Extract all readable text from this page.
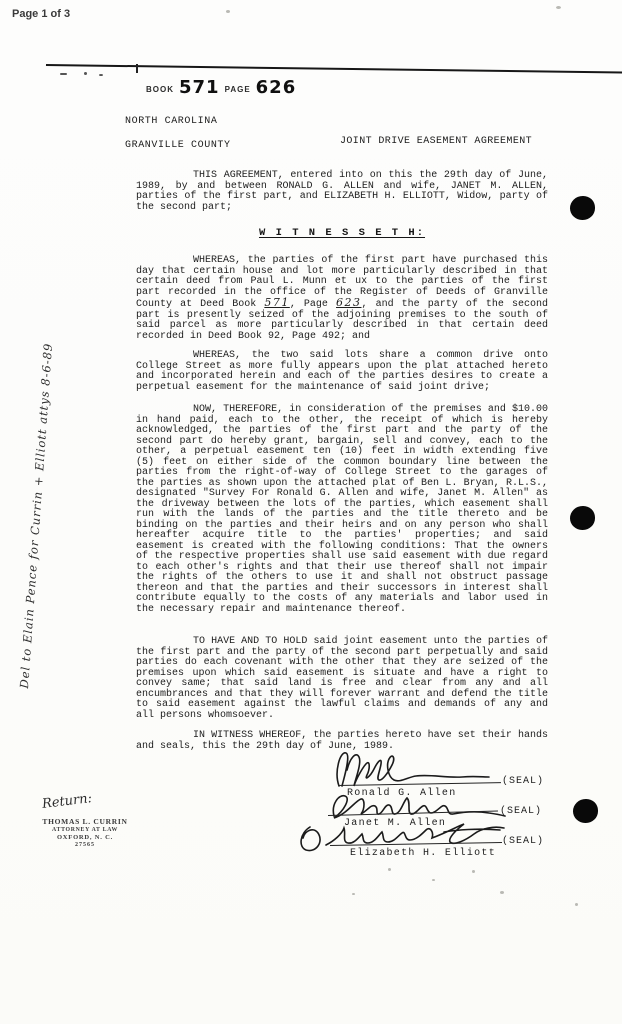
Page 1 of 3
BOOK 571 PAGE 626
NORTH CAROLINA
GRANVILLE COUNTY	JOINT DRIVE EASEMENT AGREEMENT

THIS AGREEMENT, entered into on this the 29th day of June, 1989, by and between RONALD G. ALLEN and wife, JANET M. ALLEN, parties of the first part, and ELIZABETH H. ELLIOTT, Widow, party of the second part;

W I T N E S S E T H:

WHEREAS, the parties of the first part have purchased this day that certain house and lot more particularly described in that certain deed from Paul L. Munn et ux to the parties of the first part recorded in the office of the Register of Deeds of Granville County at Deed Book 571, Page 623, and the party of the second part is presently seized of the adjoining premises to the south of said parcel as more particularly described in that certain deed recorded in Deed Book 92, Page 492; and

WHEREAS, the two said lots share a common drive onto College Street as more fully appears upon the plat attached hereto and incorporated herein and each of the parties desires to create a perpetual easement for the maintenance of said joint drive;

NOW, THEREFORE, in consideration of the premises and $10.00 in hand paid, each to the other, the receipt of which is hereby acknowledged, the parties of the first part and the party of the second part do hereby grant, bargain, sell and convey, each to the other, a perpetual easement ten (10) feet in width extending five (5) feet on either side of the common boundary line between the parties from the right-of-way of College Street to the garages of the parties as shown upon the attached plat of Ben L. Bryan, R.L.S., designated "Survey For Ronald G. Allen and wife, Janet M. Allen" as the driveway between the lots of the parties, which easement shall run with the lands of the parties and the title thereto and be binding on the parties and their heirs and on any person who shall hereafter acquire title to the parties' properties; and said easement is created with the following conditions: That the owners of the respective properties shall use said easement with due regard to each other's rights and that their use thereof shall not impair the rights of the others to use it and shall not obstruct passage thereon and that the parties and their successors in interest shall contribute equally to the costs of any materials and labor used in the necessary repair and maintenance thereof.

TO HAVE AND TO HOLD said joint easement unto the parties of the first part and the party of the second part perpetually and said parties do each covenant with the other that they are seized of the premises upon which said easement is situate and have a right to convey same; that said land is free and clear from any and all encumbrances and that they will forever warrant and defend the title to said easement against the lawful claims and demands of any and all persons whomsoever.

IN WITNESS WHEREOF, the parties hereto have set their hands and seals, this the 29th day of June, 1989.

(SEAL)
Ronald G. Allen
(SEAL)
Janet M. Allen
(SEAL)
Elizabeth H. Elliott
Return:
THOMAS L. CURRIN
ATTORNEY AT LAW
OXFORD, N. C.
27565
Del to Elain Pence for Currin + Elliott attys 8-6-89
